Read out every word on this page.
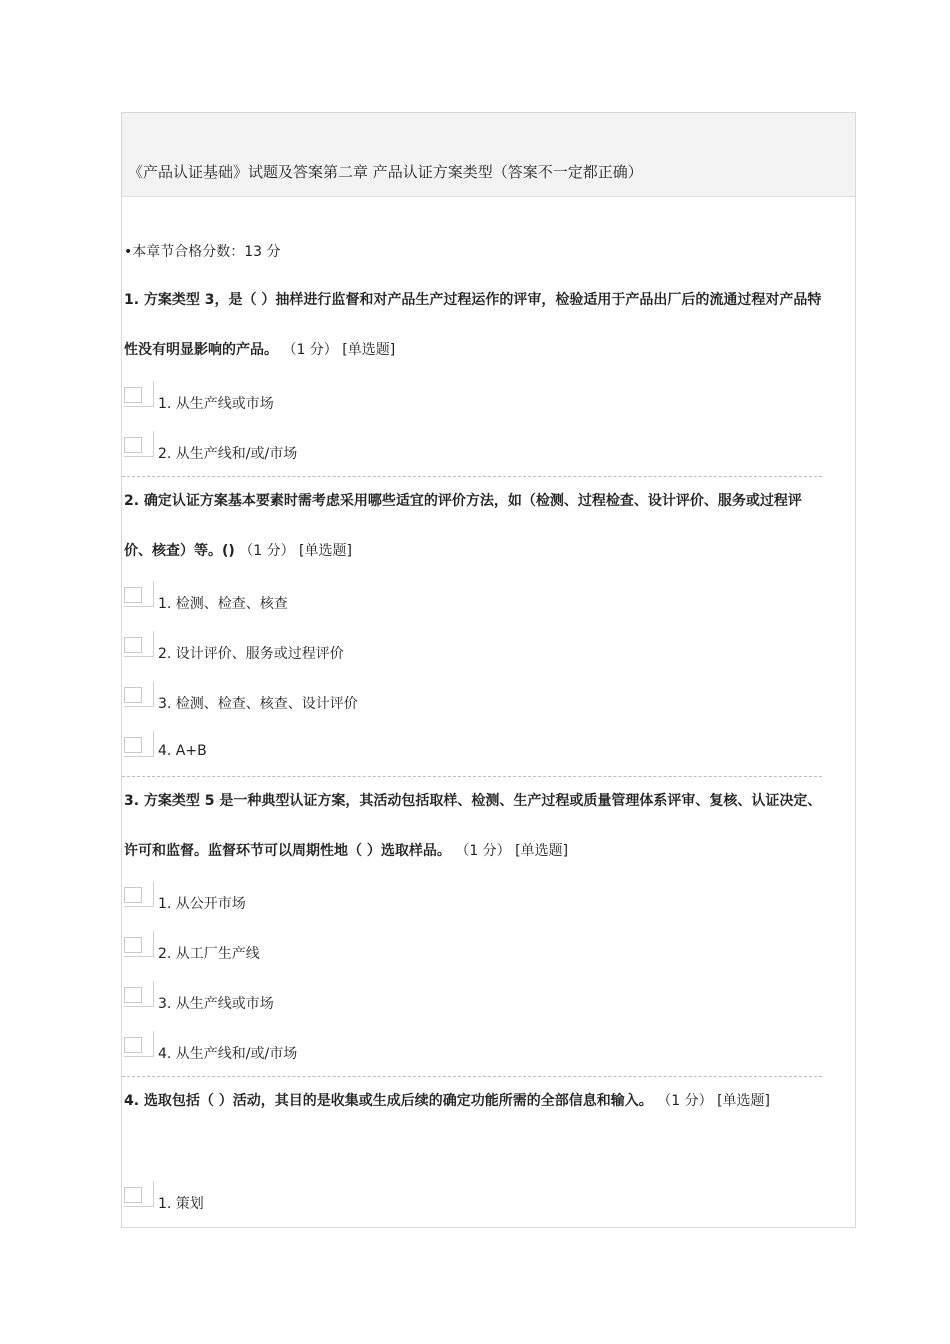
《产品认证基础》试题及答案第二章 产品认证方案类型（答案不一定都正确）
•本章节合格分数：13 分
1. 方案类型 3，是（ ）抽样进行监督和对产品生产过程运作的评审，检验适用于产品出厂后的流通过程对产品特性没有明显影响的产品。 （1 分） [单选题]
1. 从生产线或市场
2. 从生产线和/或/市场
2. 确定认证方案基本要素时需考虑采用哪些适宜的评价方法，如（检测、过程检查、设计评价、服务或过程评价、核查）等。() （1 分） [单选题]
1. 检测、检查、核查
2. 设计评价、服务或过程评价
3. 检测、检查、核查、设计评价
4. A+B
3. 方案类型 5 是一种典型认证方案，其活动包括取样、检测、生产过程或质量管理体系评审、复核、认证决定、许可和监督。监督环节可以周期性地（ ）选取样品。 （1 分） [单选题]
1. 从公开市场
2. 从工厂生产线
3. 从生产线或市场
4. 从生产线和/或/市场
4. 选取包括（ ）活动，其目的是收集或生成后续的确定功能所需的全部信息和输入。 （1 分） [单选题]
1. 策划
